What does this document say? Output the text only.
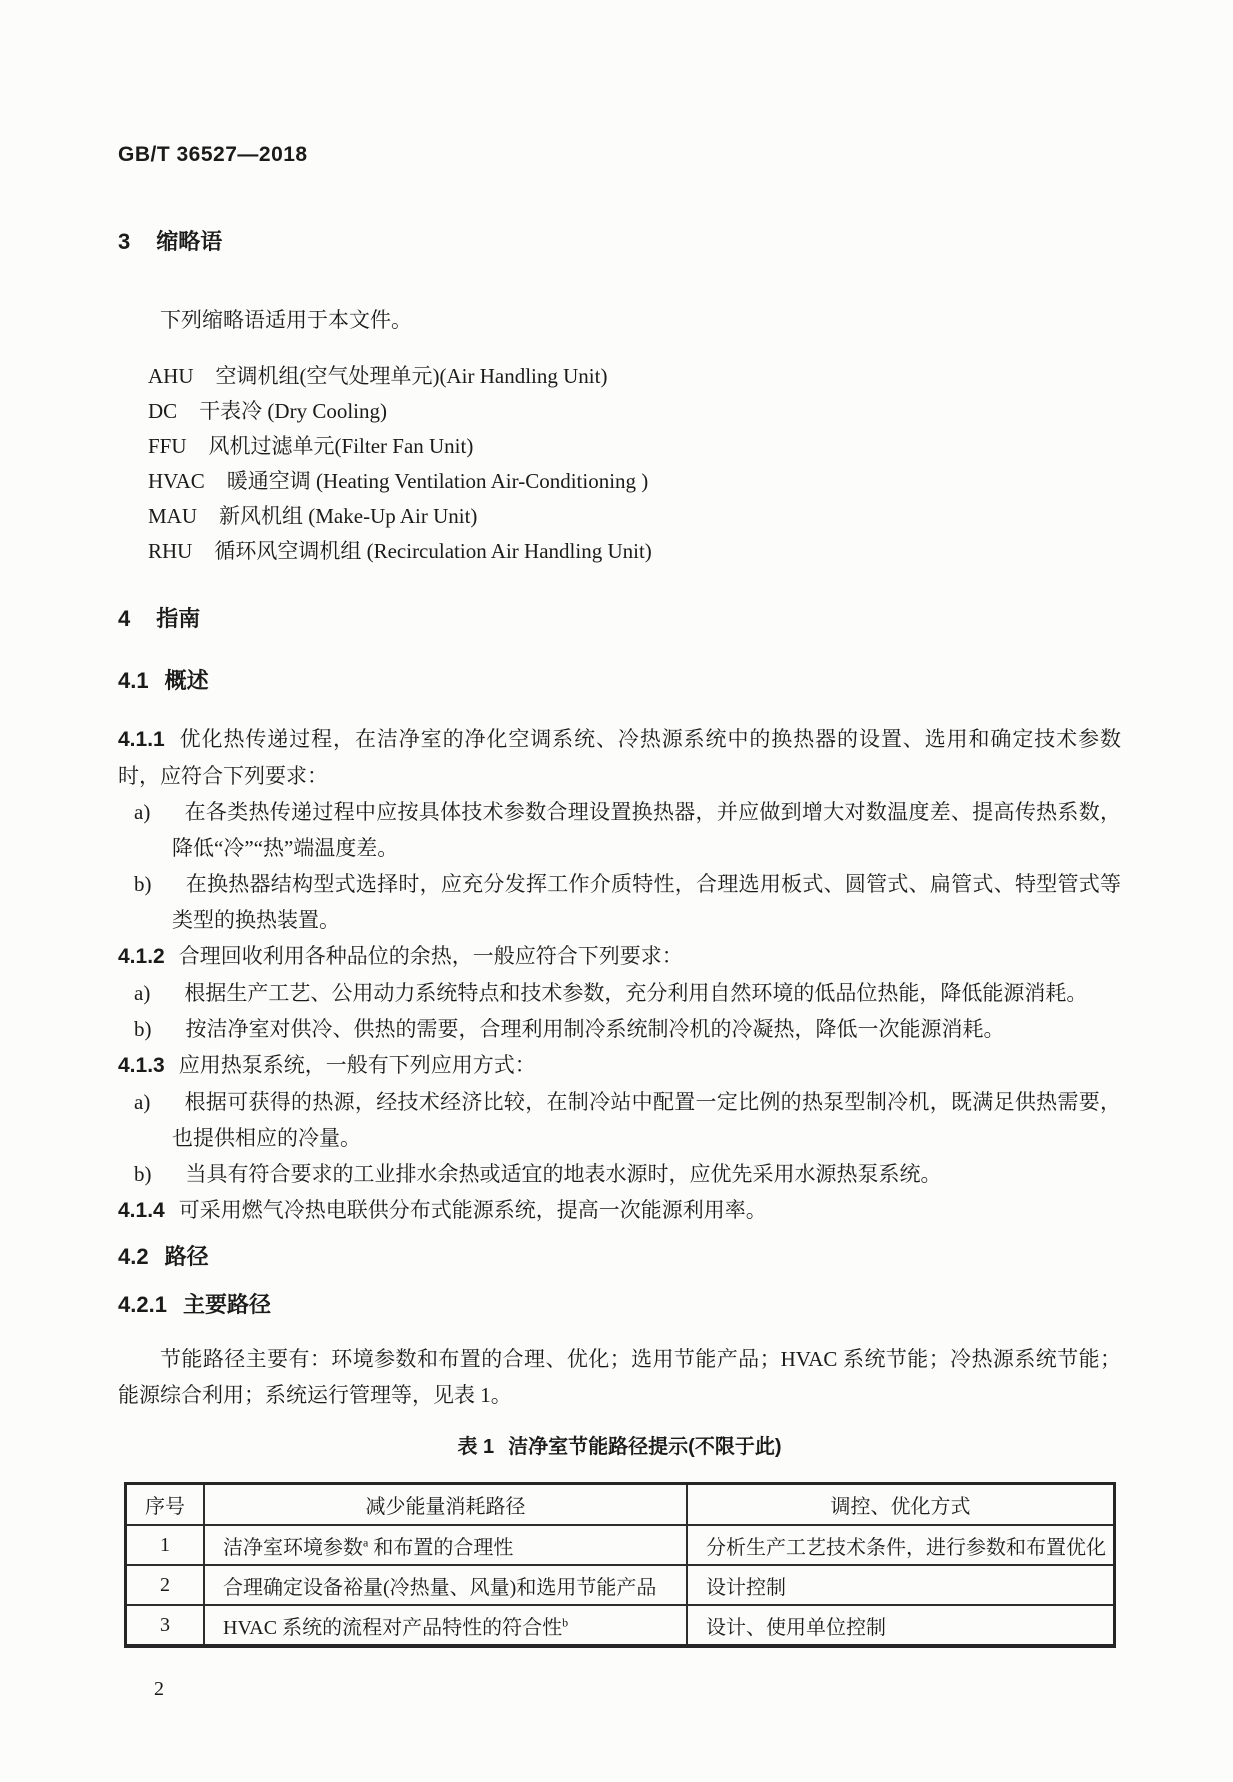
GB/T 36527—2018
3 缩略语

下列缩略语适用于本文件。

AHU 空调机组(空气处理单元)(Air Handling Unit)
DC 干表冷 (Dry Cooling)
FFU 风机过滤单元(Filter Fan Unit)
HVAC 暖通空调 (Heating Ventilation Air-Conditioning )
MAU 新风机组 (Make-Up Air Unit)
RHU 循环风空调机组 (Recirculation Air Handling Unit)
4 指南
4.1 概述

4.1.1 优化热传递过程，在洁净室的净化空调系统、冷热源系统中的换热器的设置、选用和确定技术参数时，应符合下列要求：

a) 在各类热传递过程中应按具体技术参数合理设置换热器，并应做到增大对数温度差、提高传热系数，降低“冷”“热”端温度差。
b) 在换热器结构型式选择时，应充分发挥工作介质特性，合理选用板式、圆管式、扁管式、特型管式等类型的换热装置。

4.1.2 合理回收利用各种品位的余热，一般应符合下列要求：

a) 根据生产工艺、公用动力系统特点和技术参数，充分利用自然环境的低品位热能，降低能源消耗。
b) 按洁净室对供冷、供热的需要，合理利用制冷系统制冷机的冷凝热，降低一次能源消耗。

4.1.3 应用热泵系统，一般有下列应用方式：

a) 根据可获得的热源，经技术经济比较，在制冷站中配置一定比例的热泵型制冷机，既满足供热需要，也提供相应的冷量。
b) 当具有符合要求的工业排水余热或适宜的地表水源时，应优先采用水源热泵系统。

4.1.4 可采用燃气冷热电联供分布式能源系统，提高一次能源利用率。

4.2 路径
4.2.1 主要路径

节能路径主要有：环境参数和布置的合理、优化；选用节能产品；HVAC 系统节能；冷热源系统节能；能源综合利用；系统运行管理等，见表 1。

表 1 洁净室节能路径提示(不限于此)
序号	减少能量消耗路径	调控、优化方式
1	洁净室环境参数$^a$ 和布置的合理性	分析生产工艺技术条件，进行参数和布置优化
2	合理确定设备裕量(冷热量、风量)和选用节能产品	设计控制
3	HVAC 系统的流程对产品特性的符合性$^b$	设计、使用单位控制
2
